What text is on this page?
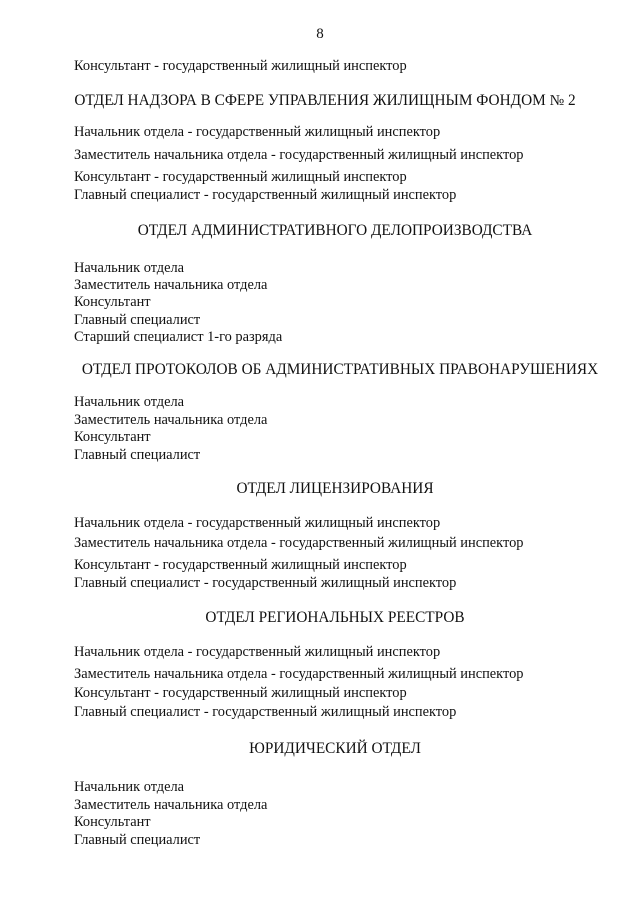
8
Консультант - государственный жилищный инспектор
ОТДЕЛ НАДЗОРА В СФЕРЕ УПРАВЛЕНИЯ ЖИЛИЩНЫМ ФОНДОМ № 2
Начальник отдела - государственный жилищный инспектор
Заместитель начальника отдела - государственный жилищный инспектор
Консультант - государственный жилищный инспектор
Главный специалист - государственный жилищный инспектор
ОТДЕЛ АДМИНИСТРАТИВНОГО ДЕЛОПРОИЗВОДСТВА
Начальник отдела
Заместитель начальника отдела
Консультант
Главный специалист
Старший специалист 1-го разряда
ОТДЕЛ ПРОТОКОЛОВ ОБ АДМИНИСТРАТИВНЫХ ПРАВОНАРУШЕНИЯХ
Начальник отдела
Заместитель начальника отдела
Консультант
Главный специалист
ОТДЕЛ ЛИЦЕНЗИРОВАНИЯ
Начальник отдела - государственный жилищный инспектор
Заместитель начальника отдела - государственный жилищный инспектор
Консультант - государственный жилищный инспектор
Главный специалист - государственный жилищный инспектор
ОТДЕЛ РЕГИОНАЛЬНЫХ РЕЕСТРОВ
Начальник отдела - государственный жилищный инспектор
Заместитель начальника отдела - государственный жилищный инспектор
Консультант - государственный жилищный инспектор
Главный специалист - государственный жилищный инспектор
ЮРИДИЧЕСКИЙ ОТДЕЛ
Начальник отдела
Заместитель начальника отдела
Консультант
Главный специалист
